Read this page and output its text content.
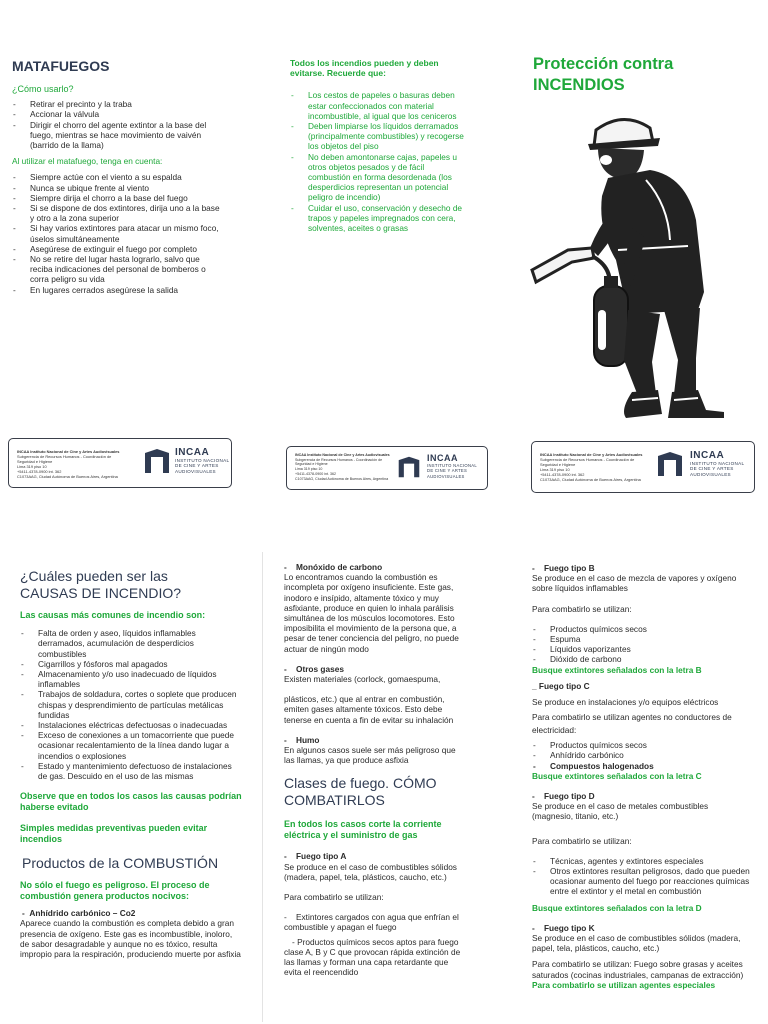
MATAFUEGOS
¿Cómo usarlo?
- Retirar el precinto y la traba
- Accionar la válvula
- Dirigir el chorro del agente extintor a la base del fuego, mientras se hace movimiento de vaivén (barrido de la llama)
Al utilizar el matafuego, tenga en cuenta:
- Siempre actúe con el viento a su espalda
- Nunca se ubique frente al viento
- Siempre dirija el chorro a la base del fuego
- Si se dispone de dos extintores, dirija uno a la base y otro a la zona superior
- Si hay varios extintores para atacar un mismo foco, úselos simultáneamente
- Asegúrese de extinguir el fuego por completo
- No se retire del lugar hasta lograrlo, salvo que reciba indicaciones del personal de bomberos o corra peligro su vida
- En lugares cerrados asegúrese la salida
Todos los incendios pueden y deben evitarse. Recuerde que:
- Los cestos de papeles o basuras deben estar confeccionados con material incombustible, al igual que los ceniceros
- Deben limpiarse los líquidos derramados (principalmente combustibles) y recogerse los objetos del piso
- No deben amontonarse cajas, papeles u otros objetos pesados y de fácil combustión en forma desordenada (los desperdicios representan un potencial peligro de incendio)
- Cuidar el uso, conservación y desecho de trapos y papeles impregnados con cera, solventes, aceites o grasas
Protección contra
INCENDIOS
INCAA Instituto Nacional de Cine y Artes Audiovisuales
Subgerencia de Recursos Humanos - Coordinación de
Seguridad e Higiene
Lima 319 piso 10
+5411-4378-0900 int. 362
C1073AAG, Ciudad Autónoma de Buenos Aires, Argentina
INCAA
INSTITUTO NACIONAL
DE CINE Y ARTES
AUDIOVISUALES
INCAA Instituto Nacional de Cine y Artes Audiovisuales
Subgerencia de Recursos Humanos - Coordinación de
Seguridad e Higiene
Lima 319 piso 10
+5411-4378-0900 int. 362
C1073AAG, Ciudad Autónoma de Buenos Aires, Argentina
INCAA
INSTITUTO NACIONAL
DE CINE Y ARTES
AUDIOVISUALES
INCAA Instituto Nacional de Cine y Artes Audiovisuales
Subgerencia de Recursos Humanos - Coordinación de
Seguridad e Higiene
Lima 319 piso 10
+5411-4378-0900 int. 362
C1073AAG, Ciudad Autónoma de Buenos Aires, Argentina
INCAA
INSTITUTO NACIONAL
DE CINE Y ARTES
AUDIOVISUALES
¿Cuáles pueden ser las
CAUSAS DE INCENDIO?
Las causas más comunes de incendio son:
- Falta de orden y aseo, líquidos inflamables derramados, acumulación de desperdicios combustibles
- Cigarrillos y fósforos mal apagados
- Almacenamiento y/o uso inadecuado de líquidos inflamables
- Trabajos de soldadura, cortes o soplete que producen chispas y desprendimiento de partículas metálicas fundidas
- Instalaciones eléctricas defectuosas o inadecuadas
- Exceso de conexiones a un tomacorriente que puede ocasionar recalentamiento de la línea dando lugar a incendios o explosiones
- Estado y mantenimiento defectuoso de instalaciones de gas. Descuido en el uso de las mismas
Observe que en todos los casos las causas podrían haberse evitado
Simples medidas preventivas pueden evitar incendios
Productos de la COMBUSTIÓN
No sólo el fuego es peligroso. El proceso de combustión genera productos nocivos:
-  Anhídrido carbónico – Co2

Aparece cuando la combustión es completa debido a gran presencia de oxígeno. Este gas es incombustible, inoloro, de sabor desagradable y aunque no es tóxico, resulta impropio para la respiración, produciendo muerte por asfixia

-    Monóxido de carbono

Lo encontramos cuando la combustión es incompleta por oxígeno insuficiente. Este gas, inodoro e insípido, altamente tóxico y muy asfixiante, produce en quien lo inhala parálisis simultánea de los músculos locomotores. Esto imposibilita el movimiento de la persona que, a pesar de tener conciencia del peligro, no puede actuar de ningún modo

-    Otros gases

Existen materiales (corlock, gomaespuma,

plásticos, etc.) que al entrar en combustión, emiten gases altamente tóxicos. Esto debe tenerse en cuenta a fin de evitar su inhalación

-    Humo

En algunos casos suele ser más peligroso que las llamas, ya que produce asfixia

Clases de fuego. CÓMO
COMBATIRLOS
En todos los casos corte la corriente eléctrica y el suministro de gas
-    Fuego tipo A

Se produce en el caso de combustibles sólidos (madera, papel, tela, plásticos, caucho, etc.)

Para combatirlo se utilizan:

-    Extintores cargados con agua que enfrían el combustible y apagan el fuego

- Productos químicos secos aptos para fuego clase A, B y C que provocan rápida extinción de las llamas y forman una capa retardante que evita el reencendido

-    Fuego tipo B

Se produce en el caso de mezcla de vapores y oxígeno sobre líquidos inflamables

Para combatirlo se utilizan:

- Productos químicos secos
- Espuma
- Líquidos vaporizantes
- Dióxido de carbono
Busque extintores señalados con la letra B
_ Fuego tipo C

Se produce en instalaciones y/o equipos eléctricos

Para combatirlo se utilizan agentes no conductores de electricidad:

- Productos químicos secos
- Anhídrido carbónico
- Compuestos halogenados
Busque extintores señalados con la letra C
-    Fuego tipo D

Se produce en el caso de metales combustibles (magnesio, titanio, etc.)

Para combatirlo se utilizan:

- Técnicas, agentes y extintores especiales
- Otros extintores resultan peligrosos, dado que pueden ocasionar aumento del fuego por reacciones químicas entre el extintor y el metal en combustión
Busque extintores señalados con la letra D
-    Fuego tipo K

Se produce en el caso de combustibles sólidos (madera, papel, tela, plásticos, caucho, etc.)

Para combatirlo se utilizan: Fuego sobre grasas y aceites saturados (cocinas industriales, campanas de extracción)

Para combatirlo se utilizan agentes especiales
